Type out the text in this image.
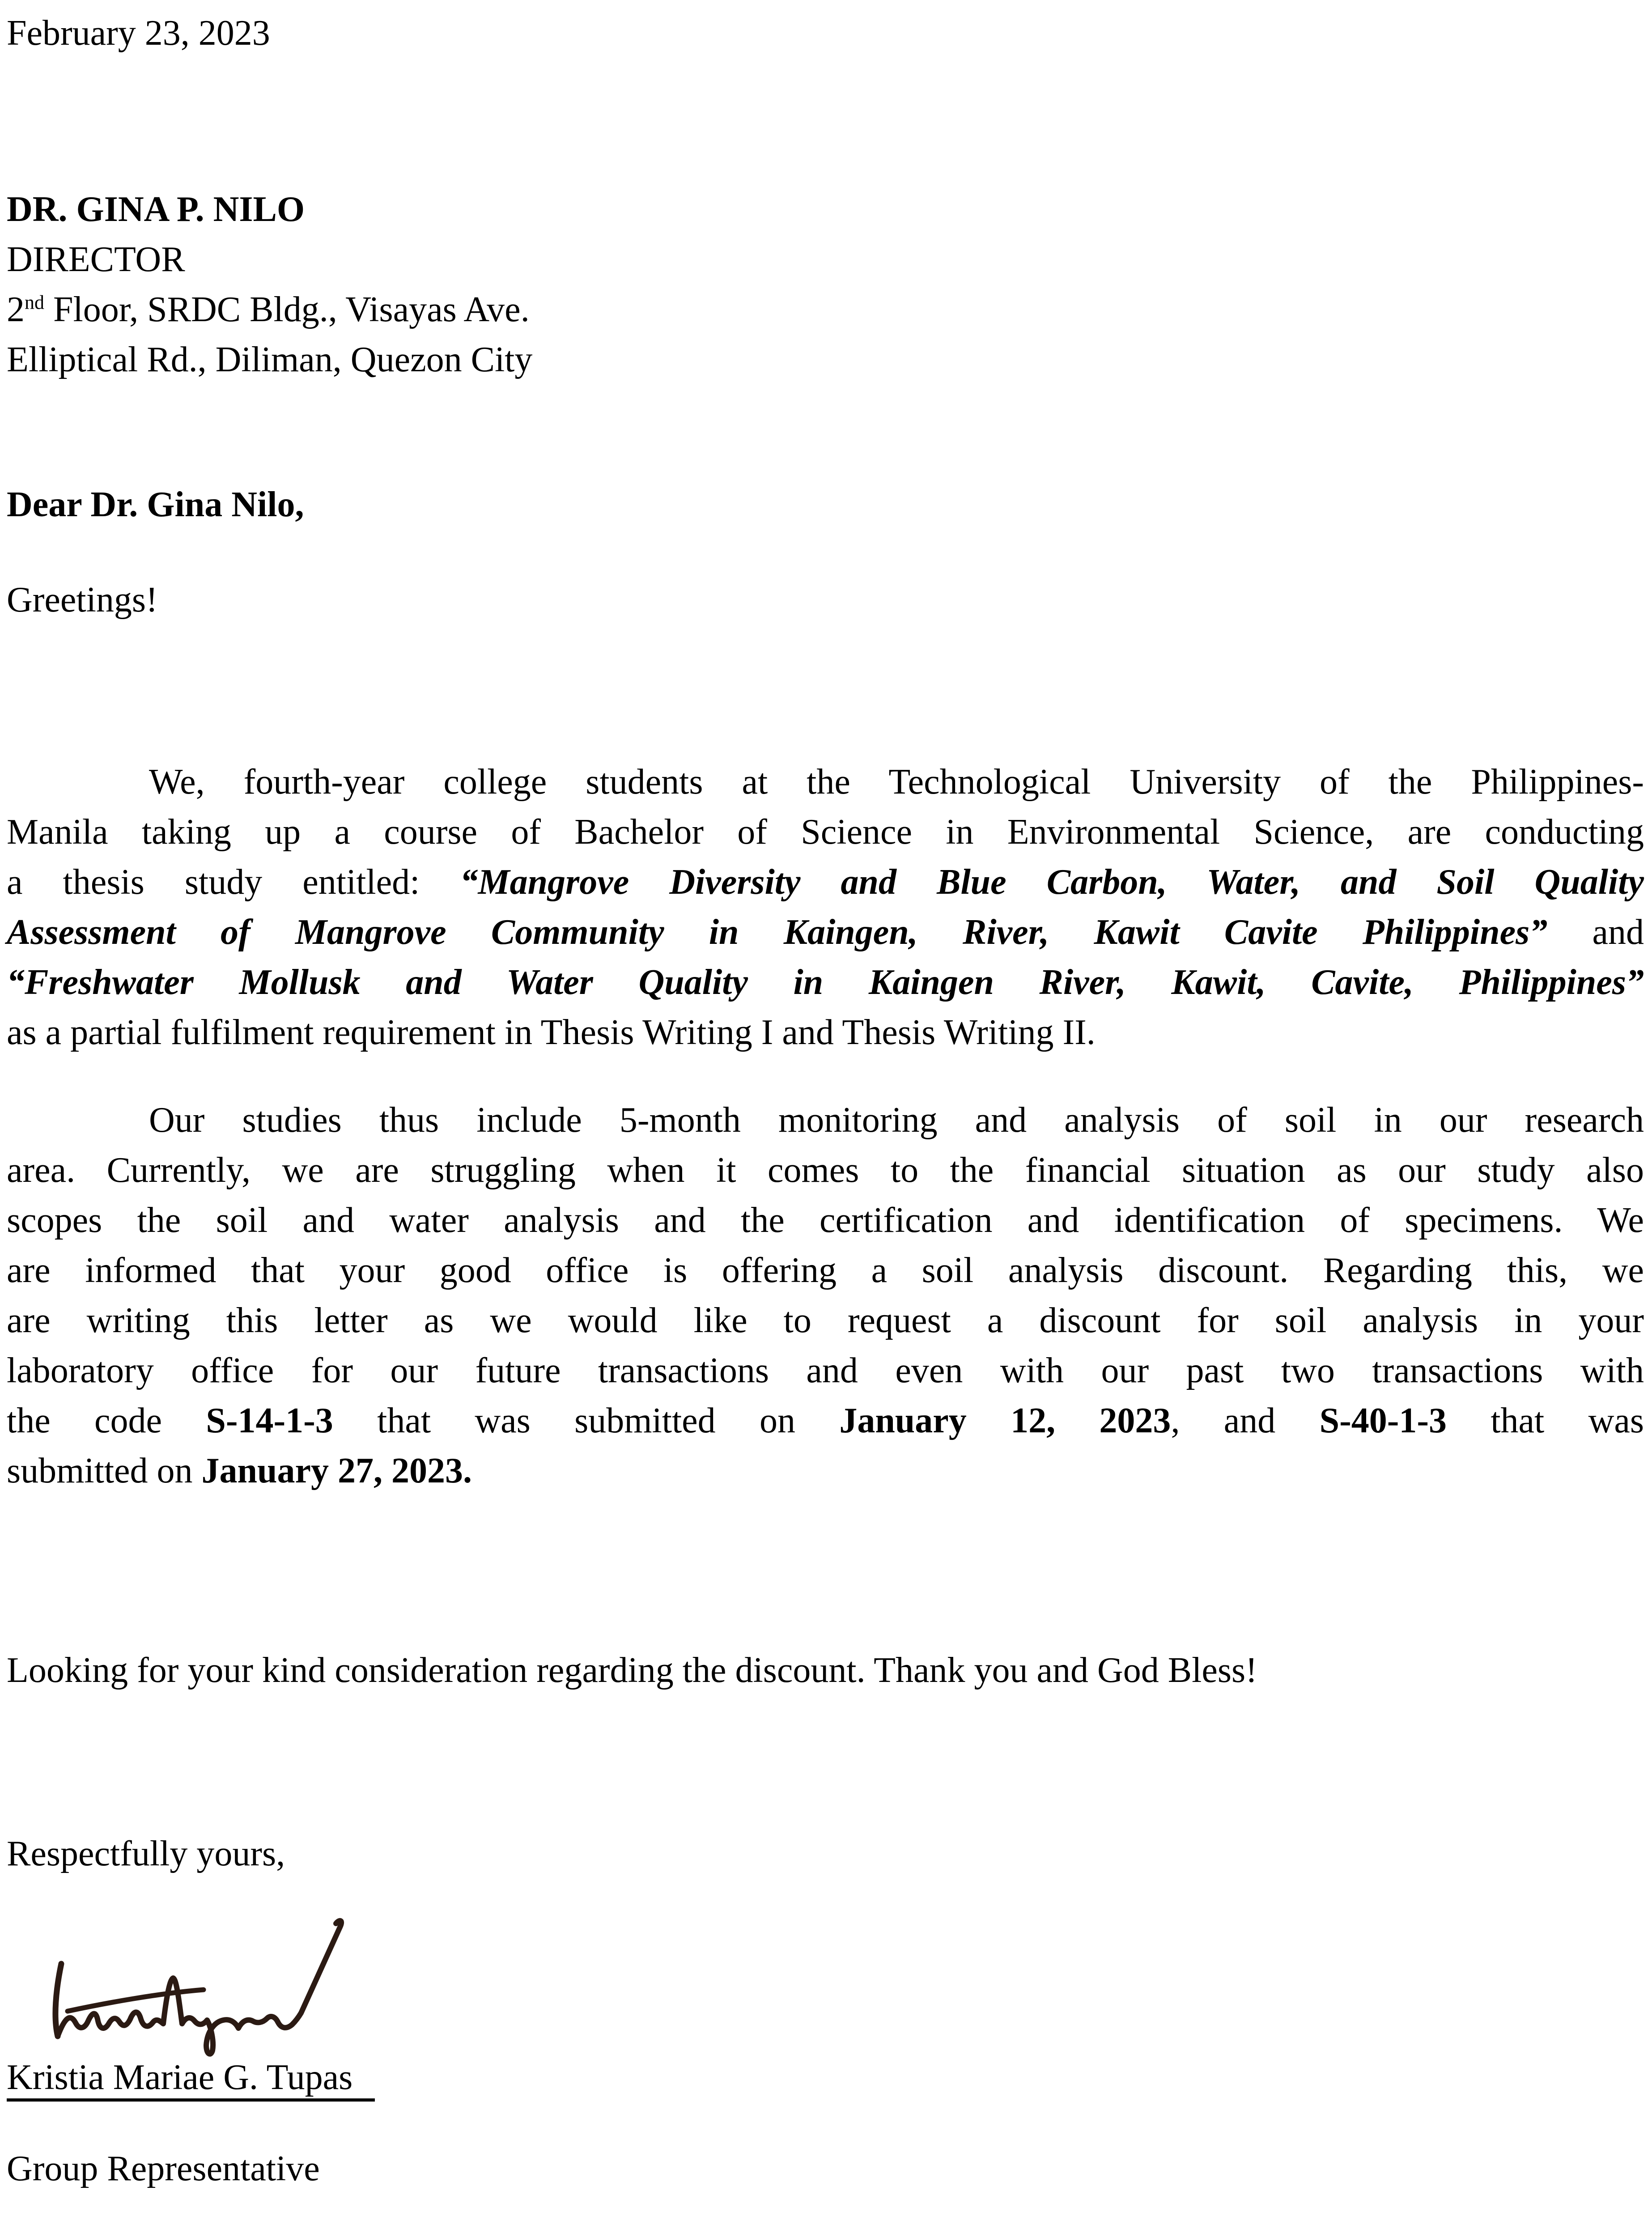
February 23, 2023
DR. GINA P. NILO
DIRECTOR
2nd Floor, SRDC Bldg., Visayas Ave.
Elliptical Rd., Diliman, Quezon City
Dear Dr. Gina Nilo,
Greetings!
We, fourth-year college students at the Technological University of the Philippines-
Manila taking up a course of Bachelor of Science in Environmental Science, are conducting
a thesis study entitled: “Mangrove Diversity and Blue Carbon, Water, and Soil Quality
Assessment of Mangrove Community in Kaingen, River, Kawit Cavite Philippines” and
“Freshwater Mollusk and Water Quality in Kaingen River, Kawit, Cavite, Philippines”
as a partial fulfilment requirement in Thesis Writing I and Thesis Writing II.
Our studies thus include 5-month monitoring and analysis of soil in our research
area. Currently, we are struggling when it comes to the financial situation as our study also
scopes the soil and water analysis and the certification and identification of specimens. We
are informed that your good office is offering a soil analysis discount. Regarding this, we
are writing this letter as we would like to request a discount for soil analysis in your
laboratory office for our future transactions and even with our past two transactions with
the code S-14-1-3 that was submitted on January 12, 2023, and S-40-1-3 that was
submitted on January 27, 2023.
Looking for your kind consideration regarding the discount. Thank you and God Bless!
Respectfully yours,
Kristia Mariae G. Tupas
Group Representative
